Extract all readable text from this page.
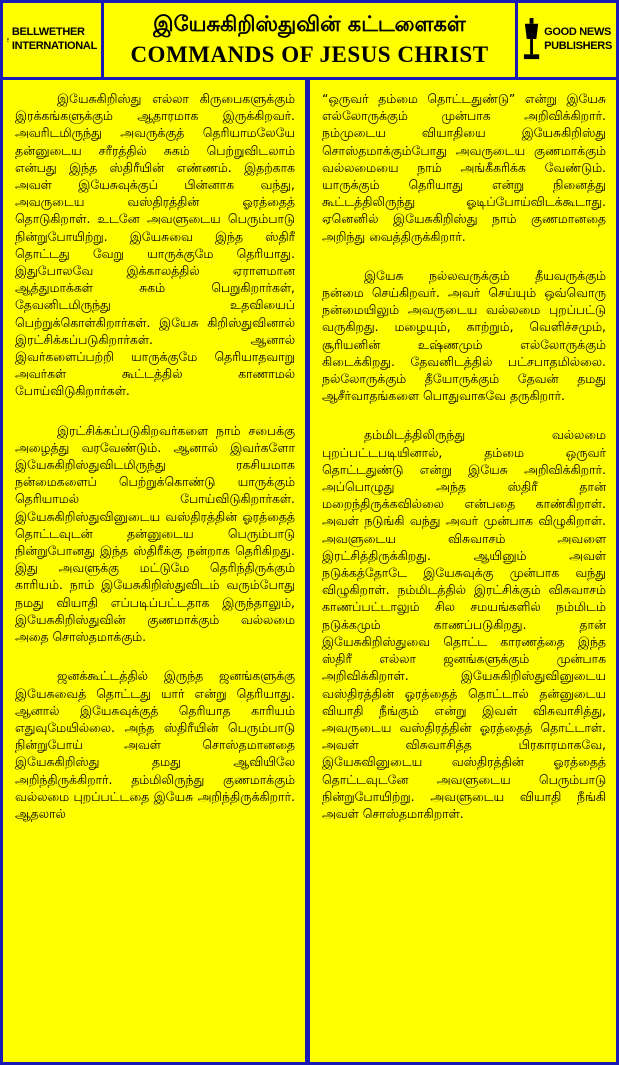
BELLWETHER
INTERNATIONAL
இயேசுகிறிஸ்துவின் கட்டளைகள்
COMMANDS OF JESUS CHRIST
GOOD NEWS
PUBLISHERS

இயேசுகிறிஸ்து எல்லா கிருபைகளுக்கும் இரக்கங்களுக்கும் ஆதாரமாக இருக்கிறவர். அவரிடமிருந்து அவருக்குத் தெரியாமலேயே தன்னுடைய சரீரத்தில் சுகம் பெற்றுவிடலாம் என்பது இந்த ஸ்திரீயின் எண்ணம். இதற்காக அவள் இயேசுவுக்குப் பின்னாக வந்து, அவருடைய வஸ்திரத்தின் ஓரத்தைத் தொடுகிறாள். உடனே அவளுடைய பெரும்பாடு நின்றுபோயிற்று. இயேசுவை இந்த ஸ்திரீ தொட்டது வேறு யாருக்குமே தெரியாது. இதுபோலவே இக்காலத்தில் ஏராளமான ஆத்துமாக்கள் சுகம் பெறுகிறார்கள், தேவனிடமிருந்து உதவியைப் பெற்றுக்கொள்கிறார்கள். இயேசு கிறிஸ்துவினால் இரட்சிக்கப்படுகிறார்கள். ஆனால் இவர்களைப்பற்றி யாருக்குமே தெரியாதவாறு அவர்கள் கூட்டத்தில் காணாமல் போய்விடுகிறார்கள்.

இரட்சிக்கப்படுகிறவர்களை நாம் சபைக்கு அழைத்து வரவேண்டும். ஆனால் இவர்களோ இயேசுகிறிஸ்துவிடமிருந்து ரகசியமாக நன்மைகளைப் பெற்றுக்கொண்டு யாருக்கும் தெரியாமல் போய்விடுகிறார்கள். இயேசுகிறிஸ்துவினுடைய வஸ்திரத்தின் ஓரத்தைத் தொட்டவுடன் தன்னுடைய பெரும்பாடு நின்றுபோனது இந்த ஸ்திரீக்கு நன்றாக தெரிகிறது. இது அவளுக்கு மட்டுமே தெரிந்திருக்கும் காரியம். நாம் இயேசுகிறிஸ்துவிடம் வரும்போது நமது வியாதி எப்படிப்பட்டதாக இருந்தாலும், இயேசுகிறிஸ்துவின் குணமாக்கும் வல்லமை அதை சொஸ்தமாக்கும்.

ஜனக்கூட்டத்தில் இருந்த ஜனங்களுக்கு இயேசுவைத் தொட்டது யார் என்று தெரியாது. ஆனால் இயேசுவுக்குத் தெரியாத காரியம் எதுவுமேயில்லை. அந்த ஸ்திரீயின் பெரும்பாடு நின்றுபோய் அவள் சொஸ்தமானதை இயேசுகிறிஸ்து தமது ஆவியிலே அறிந்திருக்கிறார். தம்மிலிருந்து குணமாக்கும் வல்லமை புறப்பட்டதை இயேசு அறிந்திருக்கிறார். ஆதலால்

“ஒருவர் தம்மை தொட்டதுண்டு” என்று இயேசு எல்லோருக்கும் முன்பாக அறிவிக்கிறார். நம்முடைய வியாதியை இயேசுகிறிஸ்து சொஸ்தமாக்கும்போது அவருடைய குணமாக்கும் வல்லமையை நாம் அங்கீகரிக்க வேண்டும். யாருக்கும் தெரியாது என்று நினைத்து கூட்டத்திலிருந்து ஓடிப்போய்விடக்கூடாது. ஏனெனில் இயேசுகிறிஸ்து நாம் குணமானதை அறிந்து வைத்திருக்கிறார்.

இயேசு நல்லவருக்கும் தீயவருக்கும் நன்மை செய்கிறவர். அவர் செய்யும் ஒவ்வொரு நன்மையிலும் அவருடைய வல்லமை புறப்பட்டு வருகிறது. மழையும், காற்றும், வெளிச்சமும், சூரியனின் உஷ்ணமும் எல்லோருக்கும் கிடைக்கிறது. தேவனிடத்தில் பட்சபாதமில்லை. நல்லோருக்கும் தீயோருக்கும் தேவன் தமது ஆசீர்வாதங்களை பொதுவாகவே தருகிறார்.

தம்மிடத்திலிருந்து வல்லமை புறப்பட்டபடியினால், தம்மை ஒருவர் தொட்டதுண்டு என்று இயேசு அறிவிக்கிறார். அப்பொழுது அந்த ஸ்திரீ தான் மறைந்திருக்கவில்லை என்பதை காண்கிறாள். அவள் நடுங்கி வந்து அவர் முன்பாக விழுகிறாள். அவளுடைய விசுவாசம் அவளை இரட்சித்திருக்கிறது. ஆயினும் அவள் நடுக்கத்தோடே இயேசுவுக்கு முன்பாக வந்து விழுகிறாள். நம்மிடத்தில் இரட்சிக்கும் விசுவாசம் காணப்பட்டாலும் சில சமயங்களில் நம்மிடம் நடுக்கமும் காணப்படுகிறது. தான் இயேசுகிறிஸ்துவை தொட்ட காரணத்தை இந்த ஸ்திரீ எல்லா ஜனங்களுக்கும் முன்பாக அறிவிக்கிறாள். இயேசுகிறிஸ்துவினுடைய வஸ்திரத்தின் ஓரத்தைத் தொட்டால் தன்னுடைய வியாதி நீங்கும் என்று இவள் விசுவாசித்து, அவருடைய வஸ்திரத்தின் ஓரத்தைத் தொட்டாள். அவள் விசுவாசித்த பிரகாரமாகவே, இயேசுவினுடைய வஸ்திரத்தின் ஓரத்தைத் தொட்டவுடனே அவளுடைய பெரும்பாடு நின்றுபோயிற்று. அவளுடைய வியாதி நீங்கி அவள் சொஸ்தமாகிறாள்.
